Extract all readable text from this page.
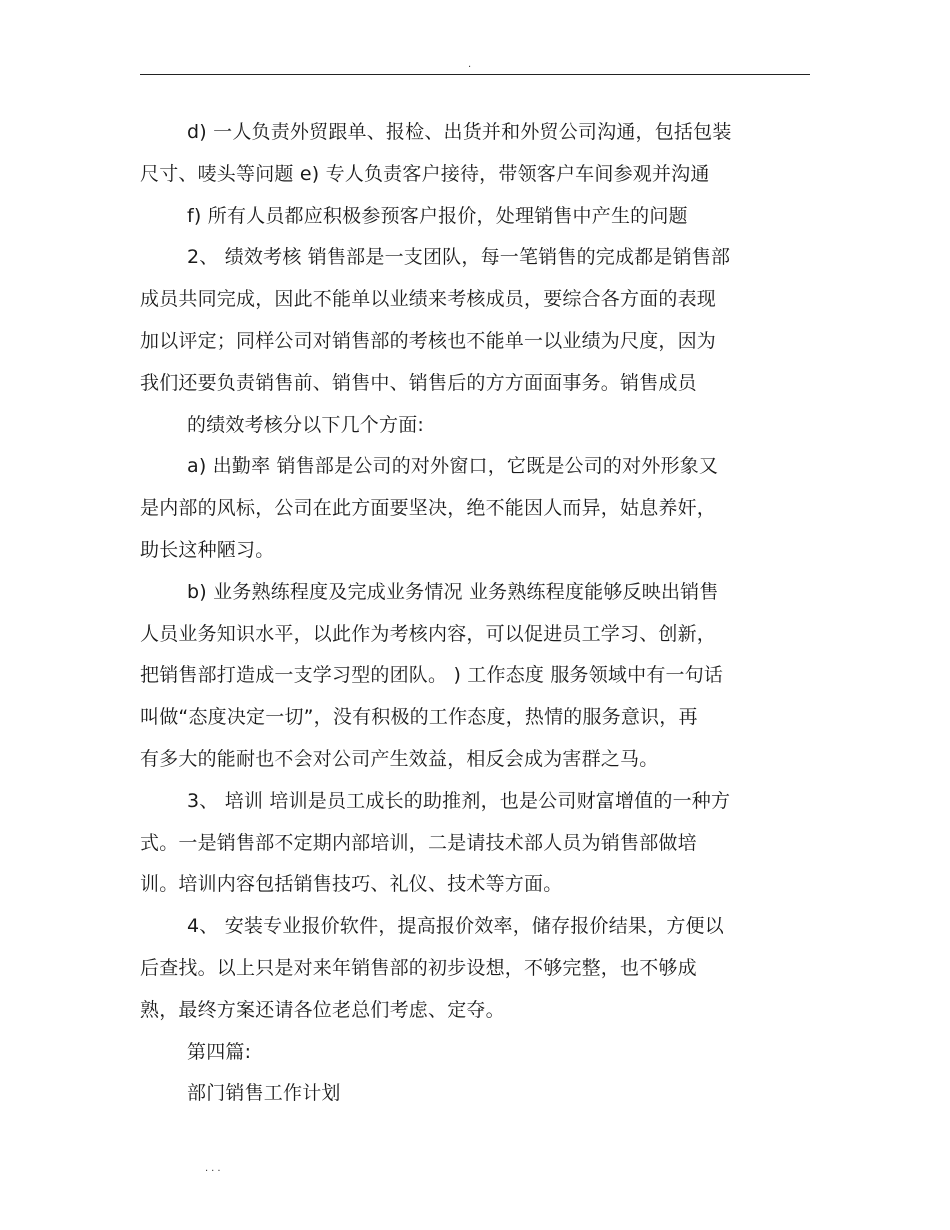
.
d) 一人负责外贸跟单、报检、出货并和外贸公司沟通，包括包装
尺寸、唛头等问题 e) 专人负责客户接待，带领客户车间参观并沟通
f) 所有人员都应积极参预客户报价，处理销售中产生的问题
2、 绩效考核 销售部是一支团队，每一笔销售的完成都是销售部
成员共同完成，因此不能单以业绩来考核成员，要综合各方面的表现
加以评定；同样公司对销售部的考核也不能单一以业绩为尺度，因为
我们还要负责销售前、销售中、销售后的方方面面事务。销售成员
的绩效考核分以下几个方面:
a) 出勤率 销售部是公司的对外窗口，它既是公司的对外形象又
是内部的风标，公司在此方面要坚决，绝不能因人而异，姑息养奸，
助长这种陋习。
b) 业务熟练程度及完成业务情况 业务熟练程度能够反映出销售
人员业务知识水平，以此作为考核内容，可以促进员工学习、创新，
把销售部打造成一支学习型的团队。 ) 工作态度 服务领域中有一句话
叫做“态度决定一切”，没有积极的工作态度，热情的服务意识，再
有多大的能耐也不会对公司产生效益，相反会成为害群之马。
3、 培训 培训是员工成长的助推剂，也是公司财富增值的一种方
式。一是销售部不定期内部培训，二是请技术部人员为销售部做培
训。培训内容包括销售技巧、礼仪、技术等方面。
4、 安装专业报价软件，提高报价效率，储存报价结果，方便以
后查找。以上只是对来年销售部的初步设想，不够完整，也不够成
熟，最终方案还请各位老总们考虑、定夺。
第四篇:
部门销售工作计划
...
